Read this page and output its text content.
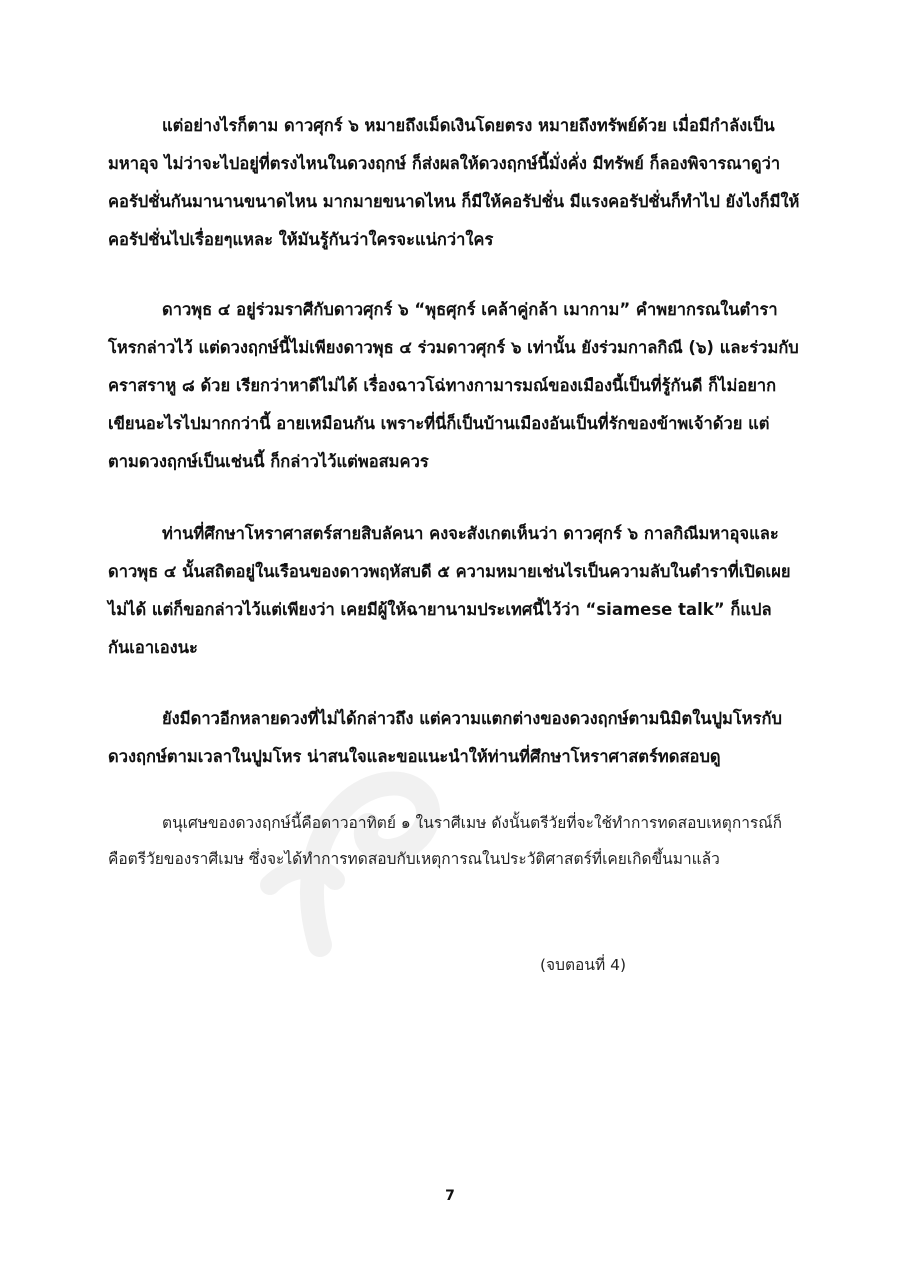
แต่อย่างไรก็ตาม ดาวศุกร์ ๖ หมายถึงเม็ดเงินโดยตรง หมายถึงทรัพย์ด้วย เมื่อมีกำลังเป็นมหาอุจ ไม่ว่าจะไปอยู่ที่ตรงไหนในดวงฤกษ์ ก็ส่งผลให้ดวงฤกษ์นี้มั่งคั่ง มีทรัพย์ ก็ลองพิจารณาดูว่าคอรัปชั่นกันมานานขนาดไหน มากมายขนาดไหน ก็มีให้คอรัปชั่น มีแรงคอรัปชั่นก็ทำไป ยังไงก็มีให้คอรัปชั่นไปเรื่อยๆแหละ ให้มันรู้กันว่าใครจะแน่กว่าใคร

ดาวพุธ ๔ อยู่ร่วมราศีกับดาวศุกร์ ๖ “พุธศุกร์ เคล้าคู่กล้า เมากาม” คำพยากรณในตำราโหรกล่าวไว้ แต่ดวงฤกษ์นี้ไม่เพียงดาวพุธ ๔ ร่วมดาวศุกร์ ๖ เท่านั้น ยังร่วมกาลกิณี (๖) และร่วมกับคราสราหู ๘ ด้วย เรียกว่าหาดีไม่ได้ เรื่องฉาวโฉ่ทางกามารมณ์ของเมืองนี้เป็นที่รู้กันดี ก็ไม่อยากเขียนอะไรไปมากกว่านี้ อายเหมือนกัน เพราะที่นี่ก็เป็นบ้านเมืองอันเป็นที่รักของข้าพเจ้าด้วย แต่ตามดวงฤกษ์เป็นเช่นนี้ ก็กล่าวไว้แต่พอสมควร

ท่านที่ศึกษาโหราศาสตร์สายสิบลัคนา คงจะสังเกตเห็นว่า ดาวศุกร์ ๖ กาลกิณีมหาอุจและดาวพุธ ๔ นั้นสถิตอยู่ในเรือนของดาวพฤหัสบดี ๕ ความหมายเช่นไรเป็นความลับในตำราที่เปิดเผยไม่ได้ แต่ก็ขอกล่าวไว้แต่เพียงว่า เคยมีผู้ให้ฉายานามประเทศนี้ไว้ว่า “siamese talk” ก็แปลกันเอาเองนะ

ยังมีดาวอีกหลายดวงที่ไม่ได้กล่าวถึง แต่ความแตกต่างของดวงฤกษ์ตามนิมิตในปูมโหรกับดวงฤกษ์ตามเวลาในปูมโหร น่าสนใจและขอแนะนำให้ท่านที่ศึกษาโหราศาสตร์ทดสอบดู

ตนุเศษของดวงฤกษ์นี้คือดาวอาทิตย์ ๑ ในราศีเมษ ดังนั้นตรีวัยที่จะใช้ทำการทดสอบเหตุการณ์ก็คือตรีวัยของราศีเมษ ซึ่งจะได้ทำการทดสอบกับเหตุการณในประวัติศาสตร์ที่เคยเกิดขึ้นมาแล้ว

(จบตอนที่ 4)
7
